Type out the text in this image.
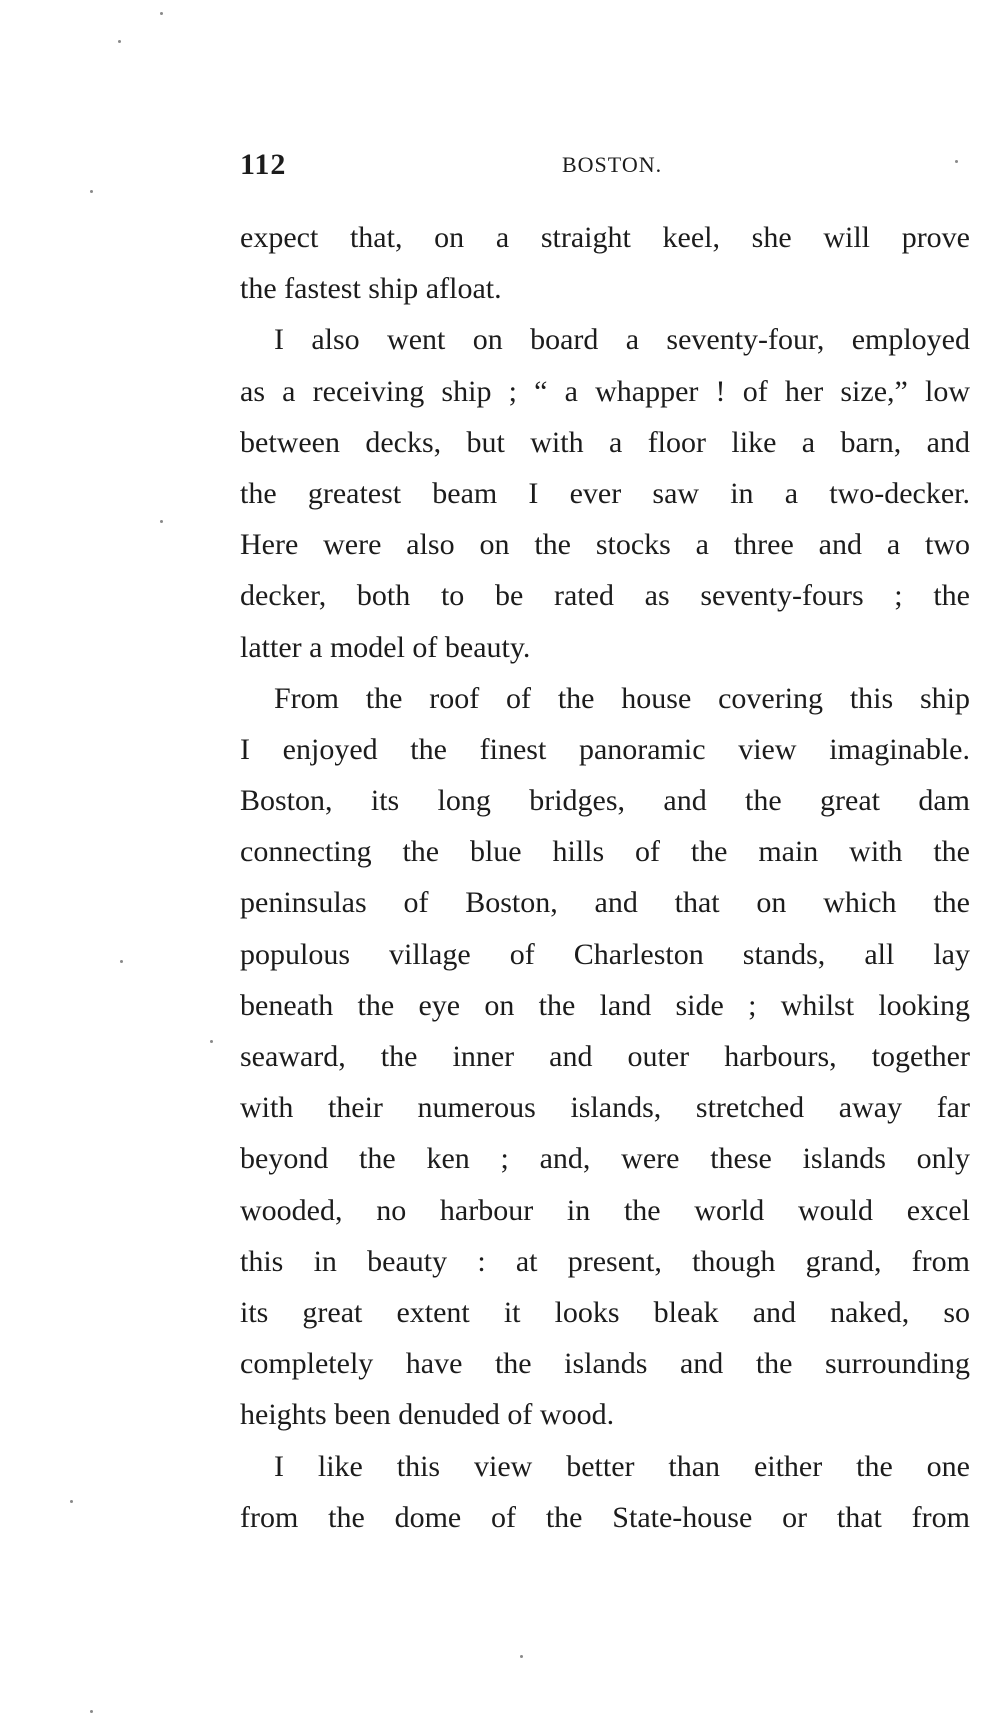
112	BOSTON.
expect that, on a straight keel, she will prove
the fastest ship afloat.
I also went on board a seventy-four, employed
as a receiving ship ; “ a whapper ! of her size,” low
between decks, but with a floor like a barn, and
the greatest beam I ever saw in a two-decker.
Here were also on the stocks a three and a two
decker, both to be rated as seventy-fours ; the
latter a model of beauty.
From the roof of the house covering this ship
I enjoyed the finest panoramic view imaginable.
Boston, its long bridges, and the great dam
connecting the blue hills of the main with the
peninsulas of Boston, and that on which the
populous village of Charleston stands, all lay
beneath the eye on the land side ; whilst looking
seaward, the inner and outer harbours, together
with their numerous islands, stretched away far
beyond the ken ; and, were these islands only
wooded, no harbour in the world would excel
this in beauty : at present, though grand, from
its great extent it looks bleak and naked, so
completely have the islands and the surrounding
heights been denuded of wood.
I like this view better than either the one
from the dome of the State-house or that from
